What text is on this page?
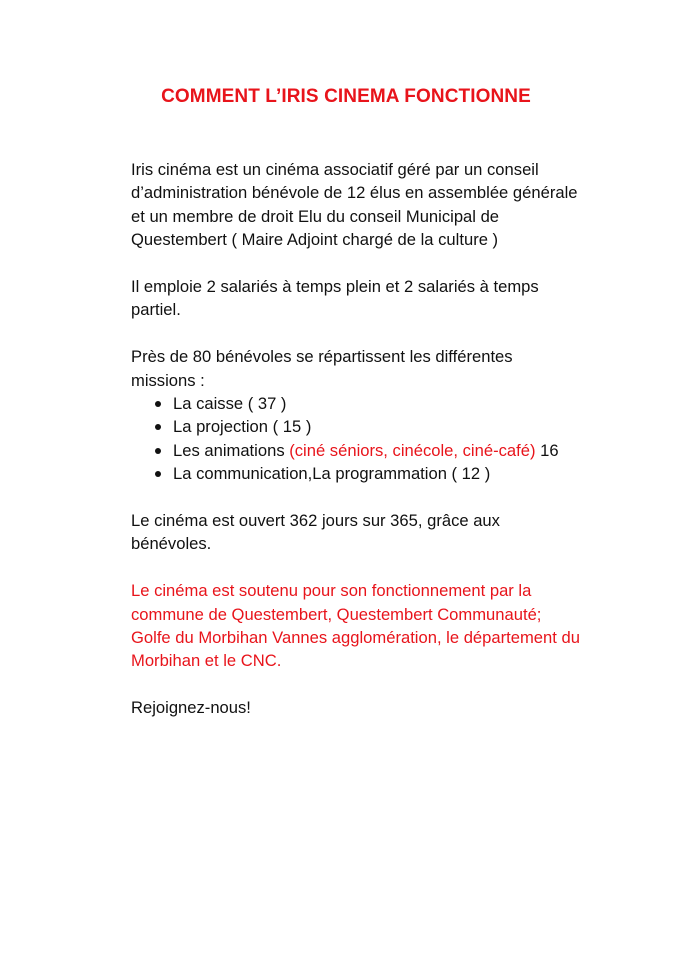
COMMENT L’IRIS CINEMA FONCTIONNE

Iris cinéma est un cinéma associatif géré par un conseil d’administration bénévole de 12 élus en assemblée générale et un membre de droit Elu du conseil Municipal de Questembert ( Maire Adjoint chargé de la culture )

Il emploie 2 salariés à temps plein et 2 salariés à temps partiel.

Près de 80 bénévoles se répartissent les différentes missions :

La caisse ( 37 )
La projection ( 15 )
Les animations (ciné séniors, cinécole, ciné-café) 16
La communication,La programmation ( 12 )

Le cinéma est ouvert 362 jours sur 365, grâce aux bénévoles.

Le cinéma est soutenu pour son fonctionnement par la commune de Questembert, Questembert Communauté; Golfe du Morbihan Vannes agglomération, le département du Morbihan et le CNC.

Rejoignez-nous!
